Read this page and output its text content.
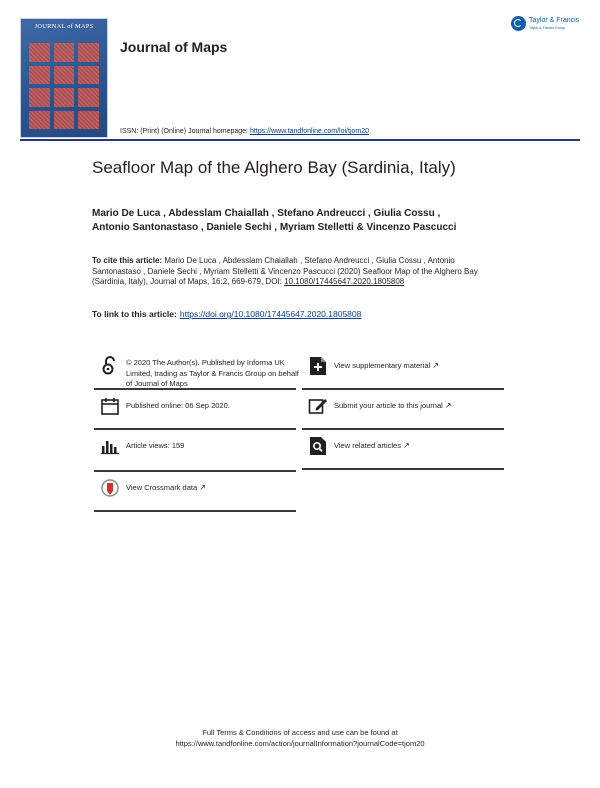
JOURNAL of MAPS
Journal of Maps
Taylor & Francis
Taylor & Francis Group
ISSN: (Print) (Online) Journal homepage: https://www.tandfonline.com/loi/tjom20
Seafloor Map of the Alghero Bay (Sardinia, Italy)
Mario De Luca , Abdesslam Chaiallah , Stefano Andreucci , Giulia Cossu ,
Antonio Santonastaso , Daniele Sechi , Myriam Stelletti & Vincenzo Pascucci
To cite this article: Mario De Luca , Abdesslam Chaiallah , Stefano Andreucci , Giulia Cossu , Antonio Santonastaso , Daniele Sechi , Myriam Stelletti & Vincenzo Pascucci (2020) Seafloor Map of the Alghero Bay (Sardinia, Italy), Journal of Maps, 16:2, 669-679, DOI: 10.1080/17445647.2020.1805808
To link to this article: https://doi.org/10.1080/17445647.2020.1805808
© 2020 The Author(s). Published by Informa UK Limited, trading as Taylor & Francis Group on behalf of Journal of Maps
Published online: 06 Sep 2020.
Article views: 159
View Crossmark data ↗
View supplementary material ↗
Submit your article to this journal ↗
View related articles ↗
Full Terms & Conditions of access and use can be found at
https://www.tandfonline.com/action/journalInformation?journalCode=tjom20
